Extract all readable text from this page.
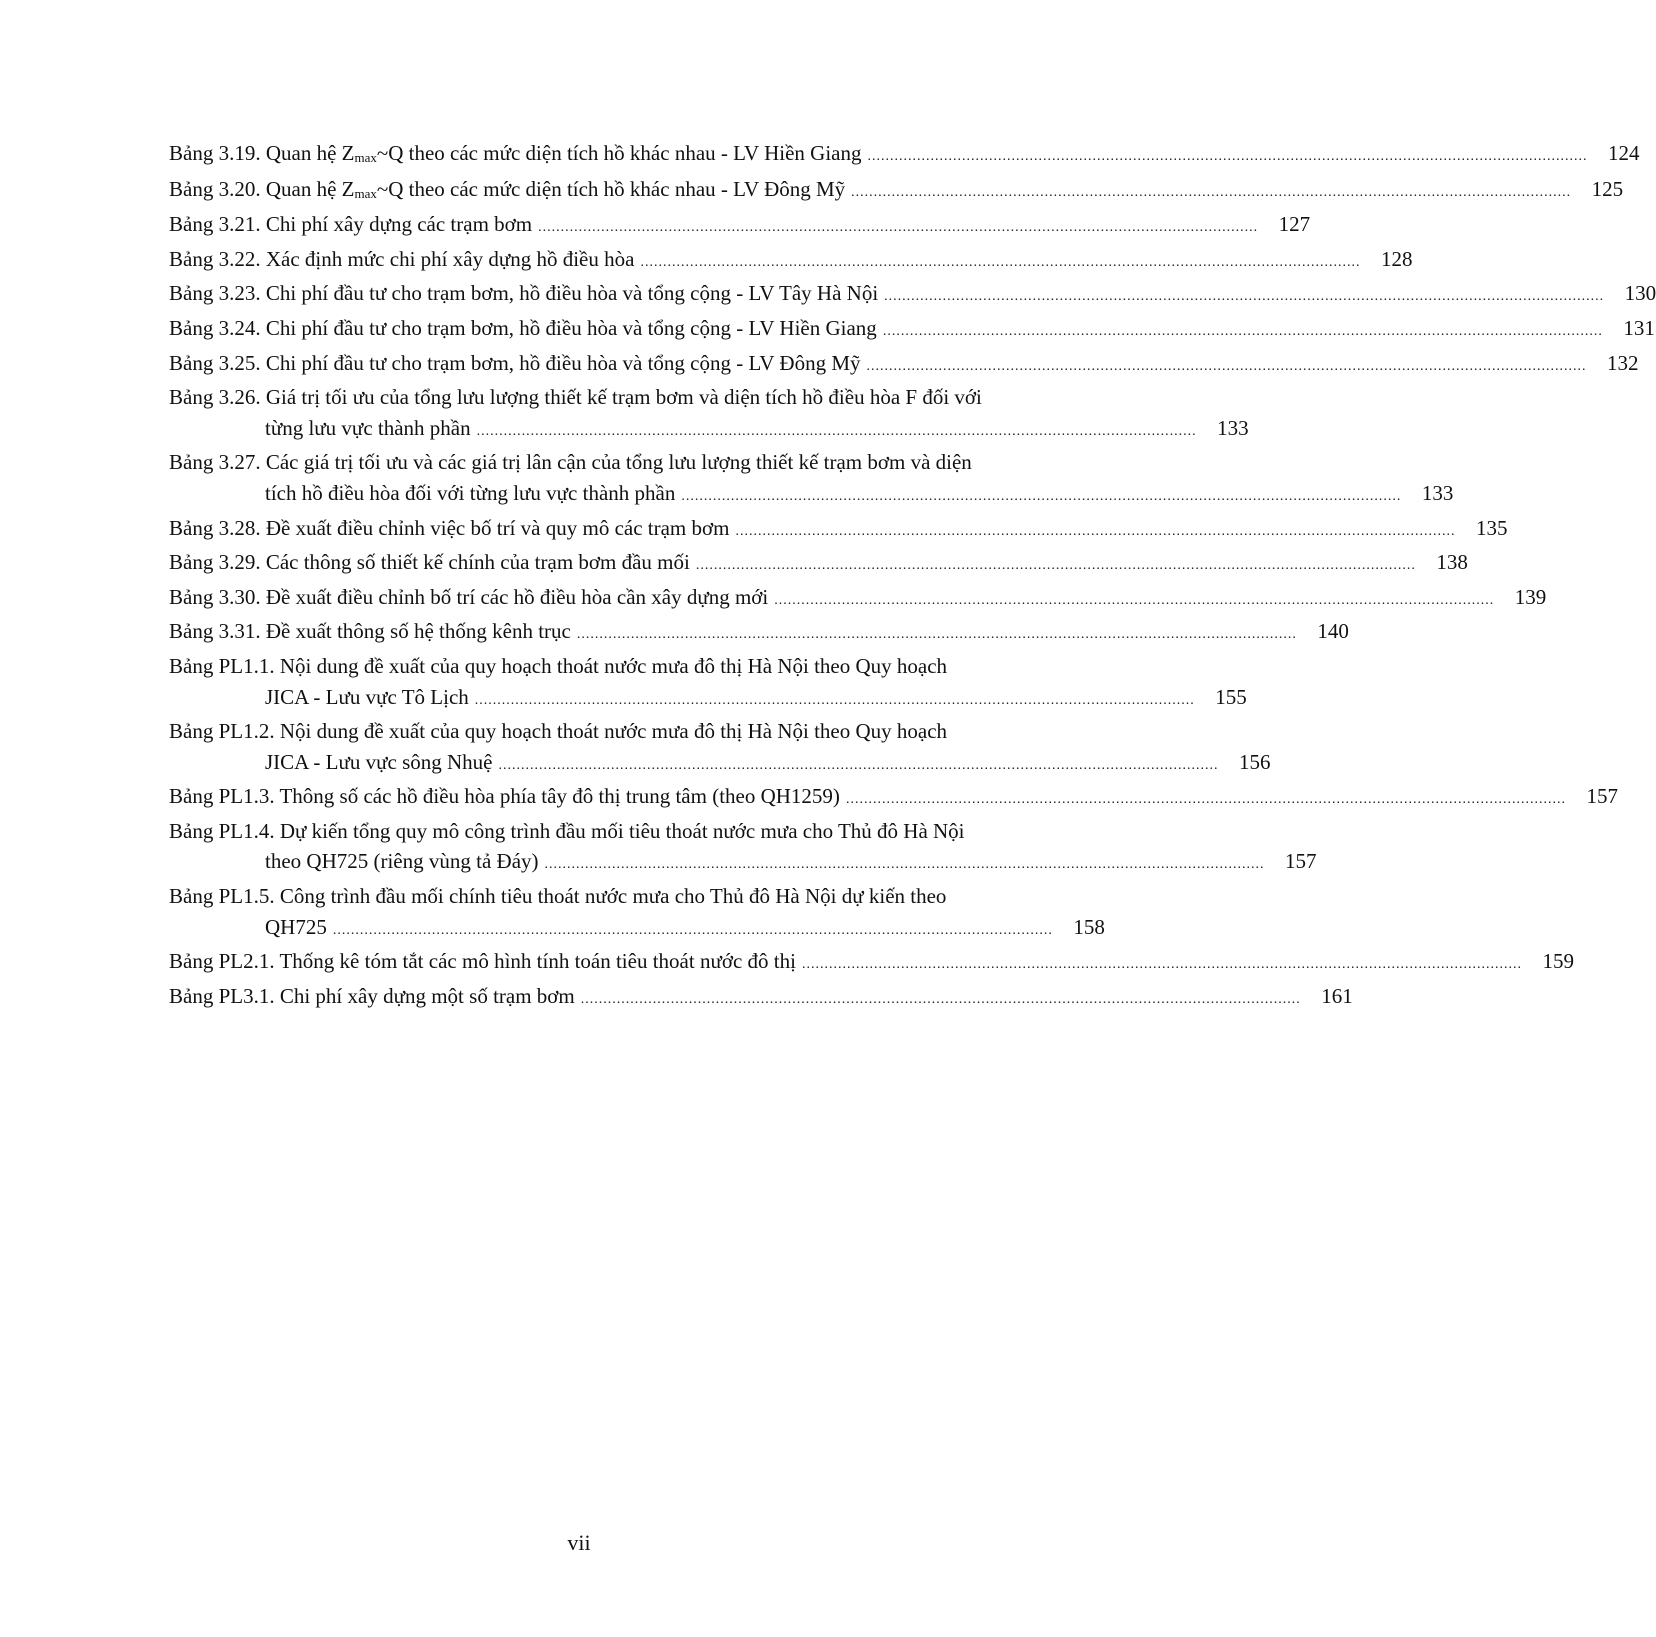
Bảng 3.19. Quan hệ $Z_{max}\sim Q$ theo các mức diện tích hồ khác nhau - LV Hiền Giang ................................................................................................................................................................ 124
Bảng 3.20. Quan hệ $Z_{max}\sim Q$ theo các mức diện tích hồ khác nhau - LV Đông Mỹ ................................................................................................................................................................ 125
Bảng 3.21. Chi phí xây dựng các trạm bơm ................................................................................................................................................................ 127
Bảng 3.22. Xác định mức chi phí xây dựng hồ điều hòa ................................................................................................................................................................ 128
Bảng 3.23. Chi phí đầu tư cho trạm bơm, hồ điều hòa và tổng cộng - LV Tây Hà Nội ................................................................................................................................................................ 130
Bảng 3.24. Chi phí đầu tư cho trạm bơm, hồ điều hòa và tổng cộng - LV Hiền Giang ................................................................................................................................................................ 131
Bảng 3.25. Chi phí đầu tư cho trạm bơm, hồ điều hòa và tổng cộng - LV Đông Mỹ ................................................................................................................................................................ 132
Bảng 3.26. Giá trị tối ưu của tổng lưu lượng thiết kế trạm bơm và diện tích hồ điều hòa F đối với
từng lưu vực thành phần ................................................................................................................................................................ 133
Bảng 3.27. Các giá trị tối ưu và các giá trị lân cận của tổng lưu lượng thiết kế trạm bơm và diện
tích hồ điều hòa đối với từng lưu vực thành phần ................................................................................................................................................................ 133
Bảng 3.28. Đề xuất điều chỉnh việc bố trí và quy mô các trạm bơm ................................................................................................................................................................ 135
Bảng 3.29. Các thông số thiết kế chính của trạm bơm đầu mối ................................................................................................................................................................ 138
Bảng 3.30. Đề xuất điều chỉnh bố trí các hồ điều hòa cần xây dựng mới ................................................................................................................................................................ 139
Bảng 3.31. Đề xuất thông số hệ thống kênh trục ................................................................................................................................................................ 140
Bảng PL1.1. Nội dung đề xuất của quy hoạch thoát nước mưa đô thị Hà Nội theo Quy hoạch
JICA - Lưu vực Tô Lịch ................................................................................................................................................................ 155
Bảng PL1.2. Nội dung đề xuất của quy hoạch thoát nước mưa đô thị Hà Nội theo Quy hoạch
JICA - Lưu vực sông Nhuệ ................................................................................................................................................................ 156
Bảng PL1.3. Thông số các hồ điều hòa phía tây đô thị trung tâm (theo QH1259) ................................................................................................................................................................ 157
Bảng PL1.4. Dự kiến tổng quy mô công trình đầu mối tiêu thoát nước mưa cho Thủ đô Hà Nội
theo QH725 (riêng vùng tả Đáy) ................................................................................................................................................................ 157
Bảng PL1.5. Công trình đầu mối chính tiêu thoát nước mưa cho Thủ đô Hà Nội dự kiến theo
QH725 ................................................................................................................................................................ 158
Bảng PL2.1. Thống kê tóm tắt các mô hình tính toán tiêu thoát nước đô thị ................................................................................................................................................................ 159
Bảng PL3.1. Chi phí xây dựng một số trạm bơm ................................................................................................................................................................ 161
vii
